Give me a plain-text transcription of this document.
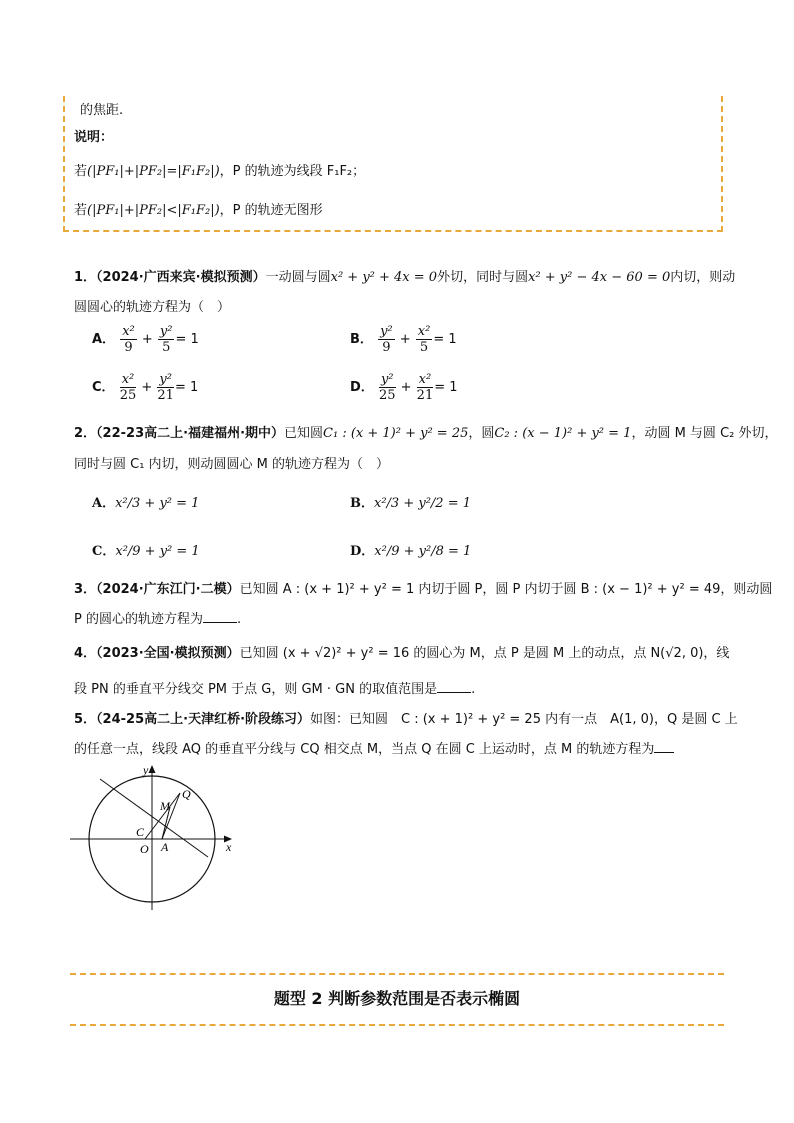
的焦距.
说明：
若(|PF₁|+|PF₂|=|F₁F₂|)，P 的轨迹为线段 F₁F₂；
若(|PF₁|+|PF₂|<|F₁F₂|)，P 的轨迹无图形
1．（2024·广西来宾·模拟预测）一动圆与圆x² + y² + 4x = 0外切，同时与圆x² + y² − 4x − 60 = 0内切，则动
圆圆心的轨迹方程为（　）
A． $\frac{\text{x²}}{9} + \frac{\text{y²}}{5} = 1$	B． $\frac{\text{y²}}{9} + \frac{\text{x²}}{5} = 1$
C． $\frac{\text{x²}}{25} + \frac{\text{y²}}{21} = 1$	D． $\frac{\text{y²}}{25} + \frac{\text{x²}}{21} = 1$
2．（22-23高二上·福建福州·期中）已知圆C₁ : (x + 1)² + y² = 25，圆C₂ : (x − 1)² + y² = 1，动圆 M 与圆 C₂ 外切，
同时与圆 C₁ 内切，则动圆圆心 M 的轨迹方程为（　）
A．x²/3 + y² = 1	B．x²/3 + y²/2 = 1
C．x²/9 + y² = 1	D．x²/9 + y²/8 = 1
3．（2024·广东江门·二模）已知圆 A : (x + 1)² + y² = 1 内切于圆 P，圆 P 内切于圆 B : (x − 1)² + y² = 49，则动圆
P 的圆心的轨迹方程为	.
4．（2023·全国·模拟预测）已知圆 (x + √2)² + y² = 16 的圆心为 M，点 P 是圆 M 上的动点，点 N(√2, 0)，线
段 PN 的垂直平分线交 PM 于点 G，则 GM · GN 的取值范围是	.
5．（24-25高二上·天津红桥·阶段练习）如图：已知圆　C : (x + 1)² + y² = 25 内有一点　A(1, 0)，Q 是圆 C 上
的任意一点，线段 AQ 的垂直平分线与 CQ 相交点 M，当点 Q 在圆 C 上运动时，点 M 的轨迹方程为
y
x
O A
C
M
Q
题型 2 判断参数范围是否表示椭圆
